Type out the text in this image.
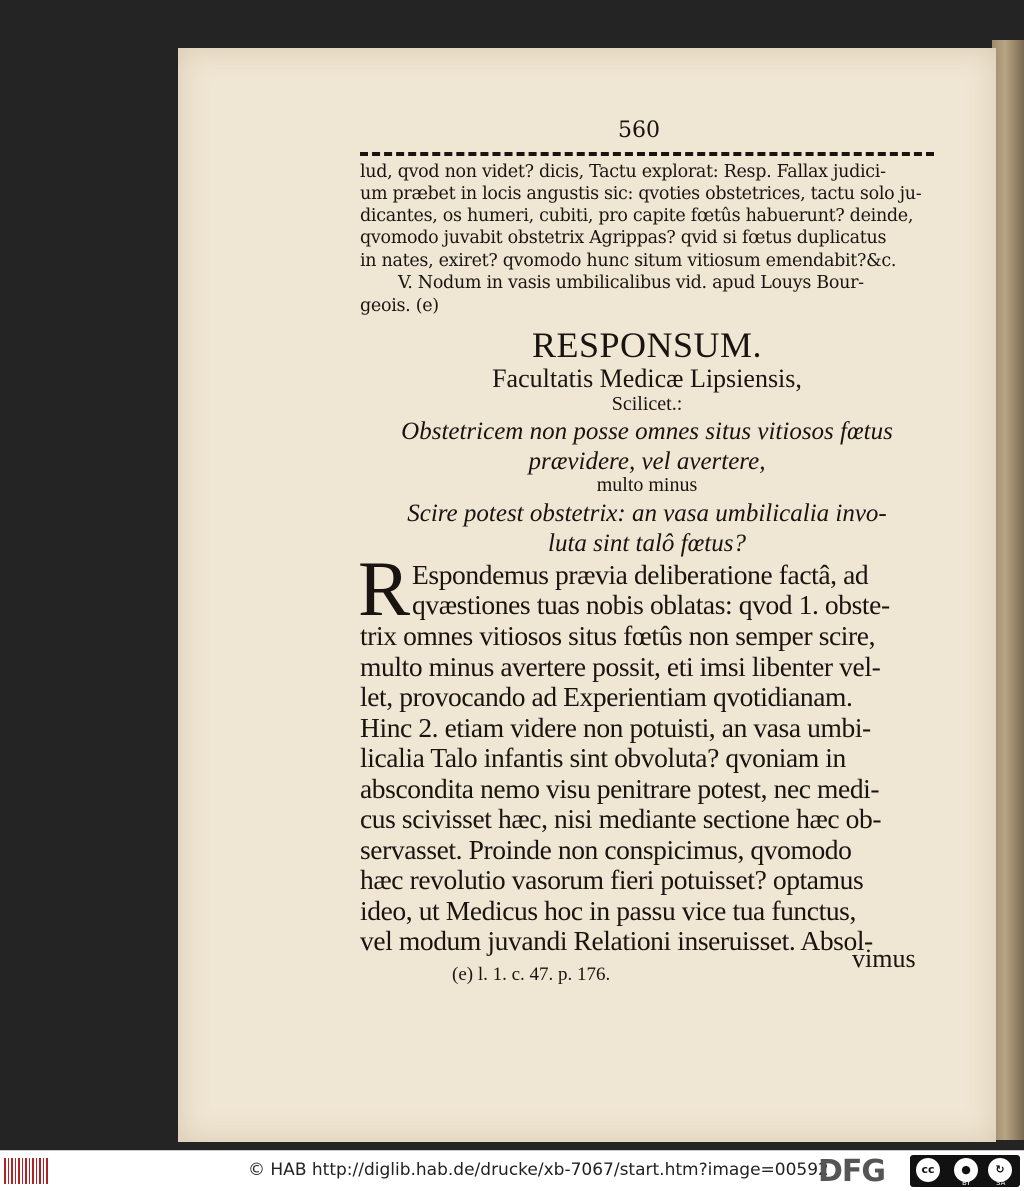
560
lud, qvod non videt? dicis, Tactu explorat: Resp. Fallax judici-
um præbet in locis angustis sic: qvoties obstetrices, tactu solo ju-
dicantes, os humeri, cubiti, pro capite fœtûs habuerunt? deinde,
qvomodo juvabit obstetrix Agrippas? qvid si fœtus duplicatus
in nates, exiret? qvomodo hunc situm vitiosum emendabit?&c.
V. Nodum in vasis umbilicalibus vid. apud Louys Bour-
geois. (e)
RESPONSUM.
Facultatis Medicæ Lipsiensis,
Scilicet.:
Obstetricem non posse omnes situs vitiosos fœtus
prævidere, vel avertere,
multo minus
Scire potest obstetrix: an vasa umbilicalia invo-
luta sint talô fœtus?
R Espondemus prævia deliberatione factâ, ad
qvæstiones tuas nobis oblatas: qvod 1. obste-
trix omnes vitiosos situs fœtûs non semper scire,
multo minus avertere possit, eti imsi libenter vel-
let, provocando ad Experientiam qvotidianam.
Hinc 2. etiam videre non potuisti, an vasa umbi-
licalia Talo infantis sint obvoluta? qvoniam in
abscondita nemo visu penitrare potest, nec medi-
cus scivisset hæc, nisi mediante sectione hæc ob-
servasset. Proinde non conspicimus, qvomodo
hæc revolutio vasorum fieri potuisset? optamus
ideo, ut Medicus hoc in passu vice tua functus,
vel modum juvandi Relationi inseruisset. Absol-
vimus
(e) l. 1. c. 47. p. 176.
© HAB http://diglib.hab.de/drucke/xb-7067/start.htm?image=00592
DFG	cc	●	↻
BY	SA
